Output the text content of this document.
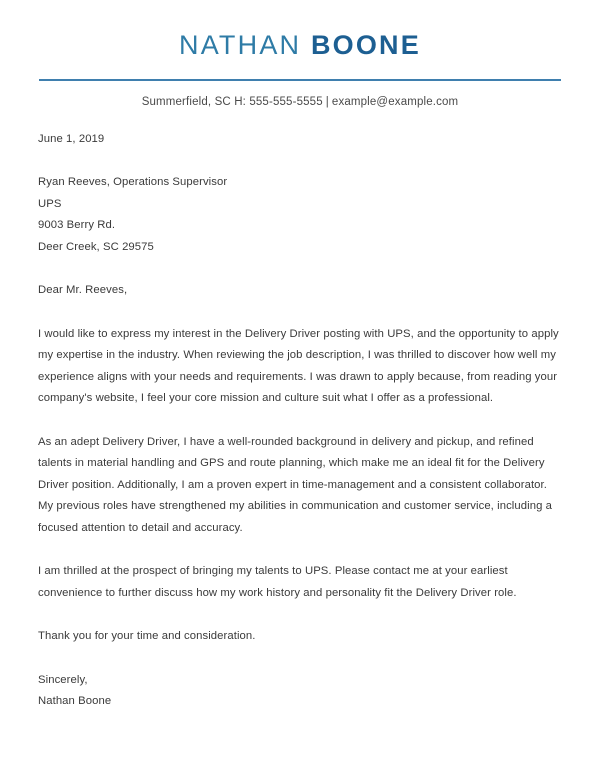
NATHAN BOONE
Summerfield, SC H: 555-555-5555 | example@example.com
June 1, 2019
Ryan Reeves, Operations Supervisor
UPS
9003 Berry Rd.
Deer Creek, SC 29575
Dear Mr. Reeves,

I would like to express my interest in the Delivery Driver posting with UPS, and the opportunity to apply my expertise in the industry. When reviewing the job description, I was thrilled to discover how well my experience aligns with your needs and requirements. I was drawn to apply because, from reading your company's website, I feel your core mission and culture suit what I offer as a professional.

As an adept Delivery Driver, I have a well-rounded background in delivery and pickup, and refined talents in material handling and GPS and route planning, which make me an ideal fit for the Delivery Driver position. Additionally, I am a proven expert in time-management and a consistent collaborator. My previous roles have strengthened my abilities in communication and customer service, including a focused attention to detail and accuracy.

I am thrilled at the prospect of bringing my talents to UPS. Please contact me at your earliest convenience to further discuss how my work history and personality fit the Delivery Driver role.

Thank you for your time and consideration.
Sincerely,
Nathan Boone
